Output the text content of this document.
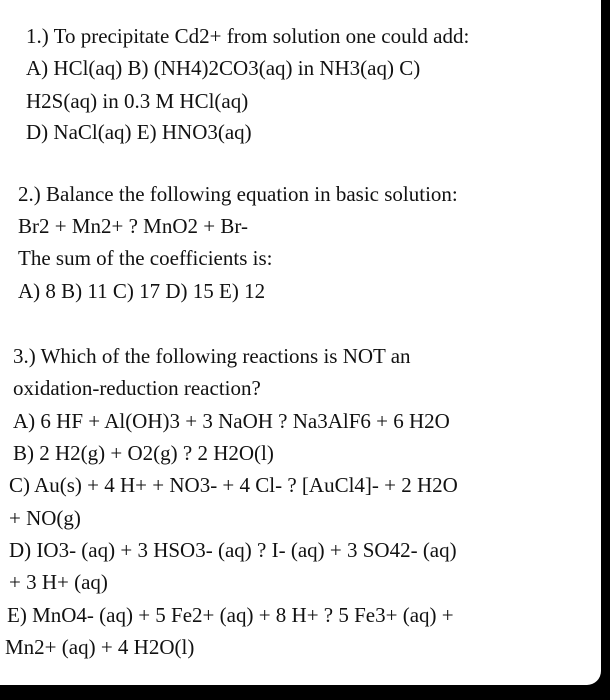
1.) To precipitate Cd2+ from solution one could add:
A) HCl(aq) B) (NH4)2CO3(aq) in NH3(aq) C)
H2S(aq) in 0.3 M HCl(aq)
D) NaCl(aq) E) HNO3(aq)
2.) Balance the following equation in basic solution:
Br2 + Mn2+ ? MnO2 + Br-
The sum of the coefficients is:
A) 8 B) 11 C) 17 D) 15 E) 12
3.) Which of the following reactions is NOT an
oxidation-reduction reaction?
A) 6 HF + Al(OH)3 + 3 NaOH ? Na3AlF6 + 6 H2O
B) 2 H2(g) + O2(g) ? 2 H2O(l)
C) Au(s) + 4 H+ + NO3- + 4 Cl- ? [AuCl4]- + 2 H2O
+ NO(g)
D) IO3- (aq) + 3 HSO3- (aq) ? I- (aq) + 3 SO42- (aq)
+ 3 H+ (aq)
E) MnO4- (aq) + 5 Fe2+ (aq) + 8 H+ ? 5 Fe3+ (aq) +
Mn2+ (aq) + 4 H2O(l)
